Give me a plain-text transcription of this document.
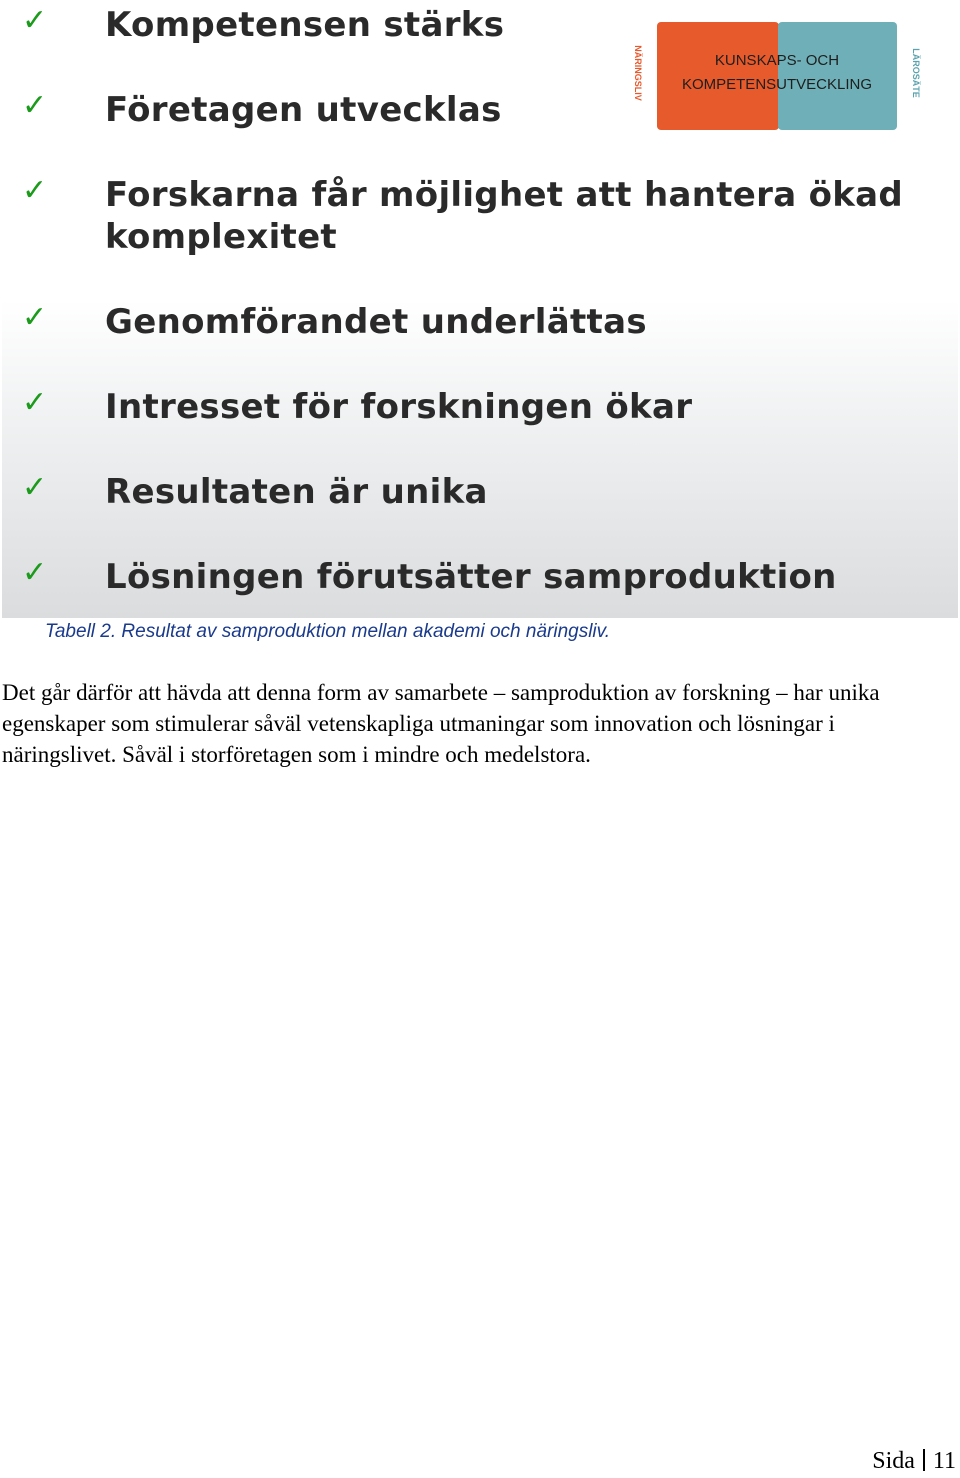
✓ Kompetensen stärks
✓ Företagen utvecklas
✓ Forskarna får möjlighet att hantera ökad komplexitet
✓ Genomförandet underlättas
✓ Intresset för forskningen ökar
✓ Resultaten är unika
✓ Lösningen förutsätter samproduktion
NÄRINGSLIV	KUNSKAPS- OCH
KOMPETENSUTVECKLING	LÄROSÄTE
Tabell 2. Resultat av samproduktion mellan akademi och näringsliv.
Det går därför att hävda att denna form av samarbete – samproduktion av forskning – har unika egenskaper som stimulerar såväl vetenskapliga utmaningar som innovation och lösningar i näringslivet. Såväl i storföretagen som i mindre och medelstora.
Sida 11
